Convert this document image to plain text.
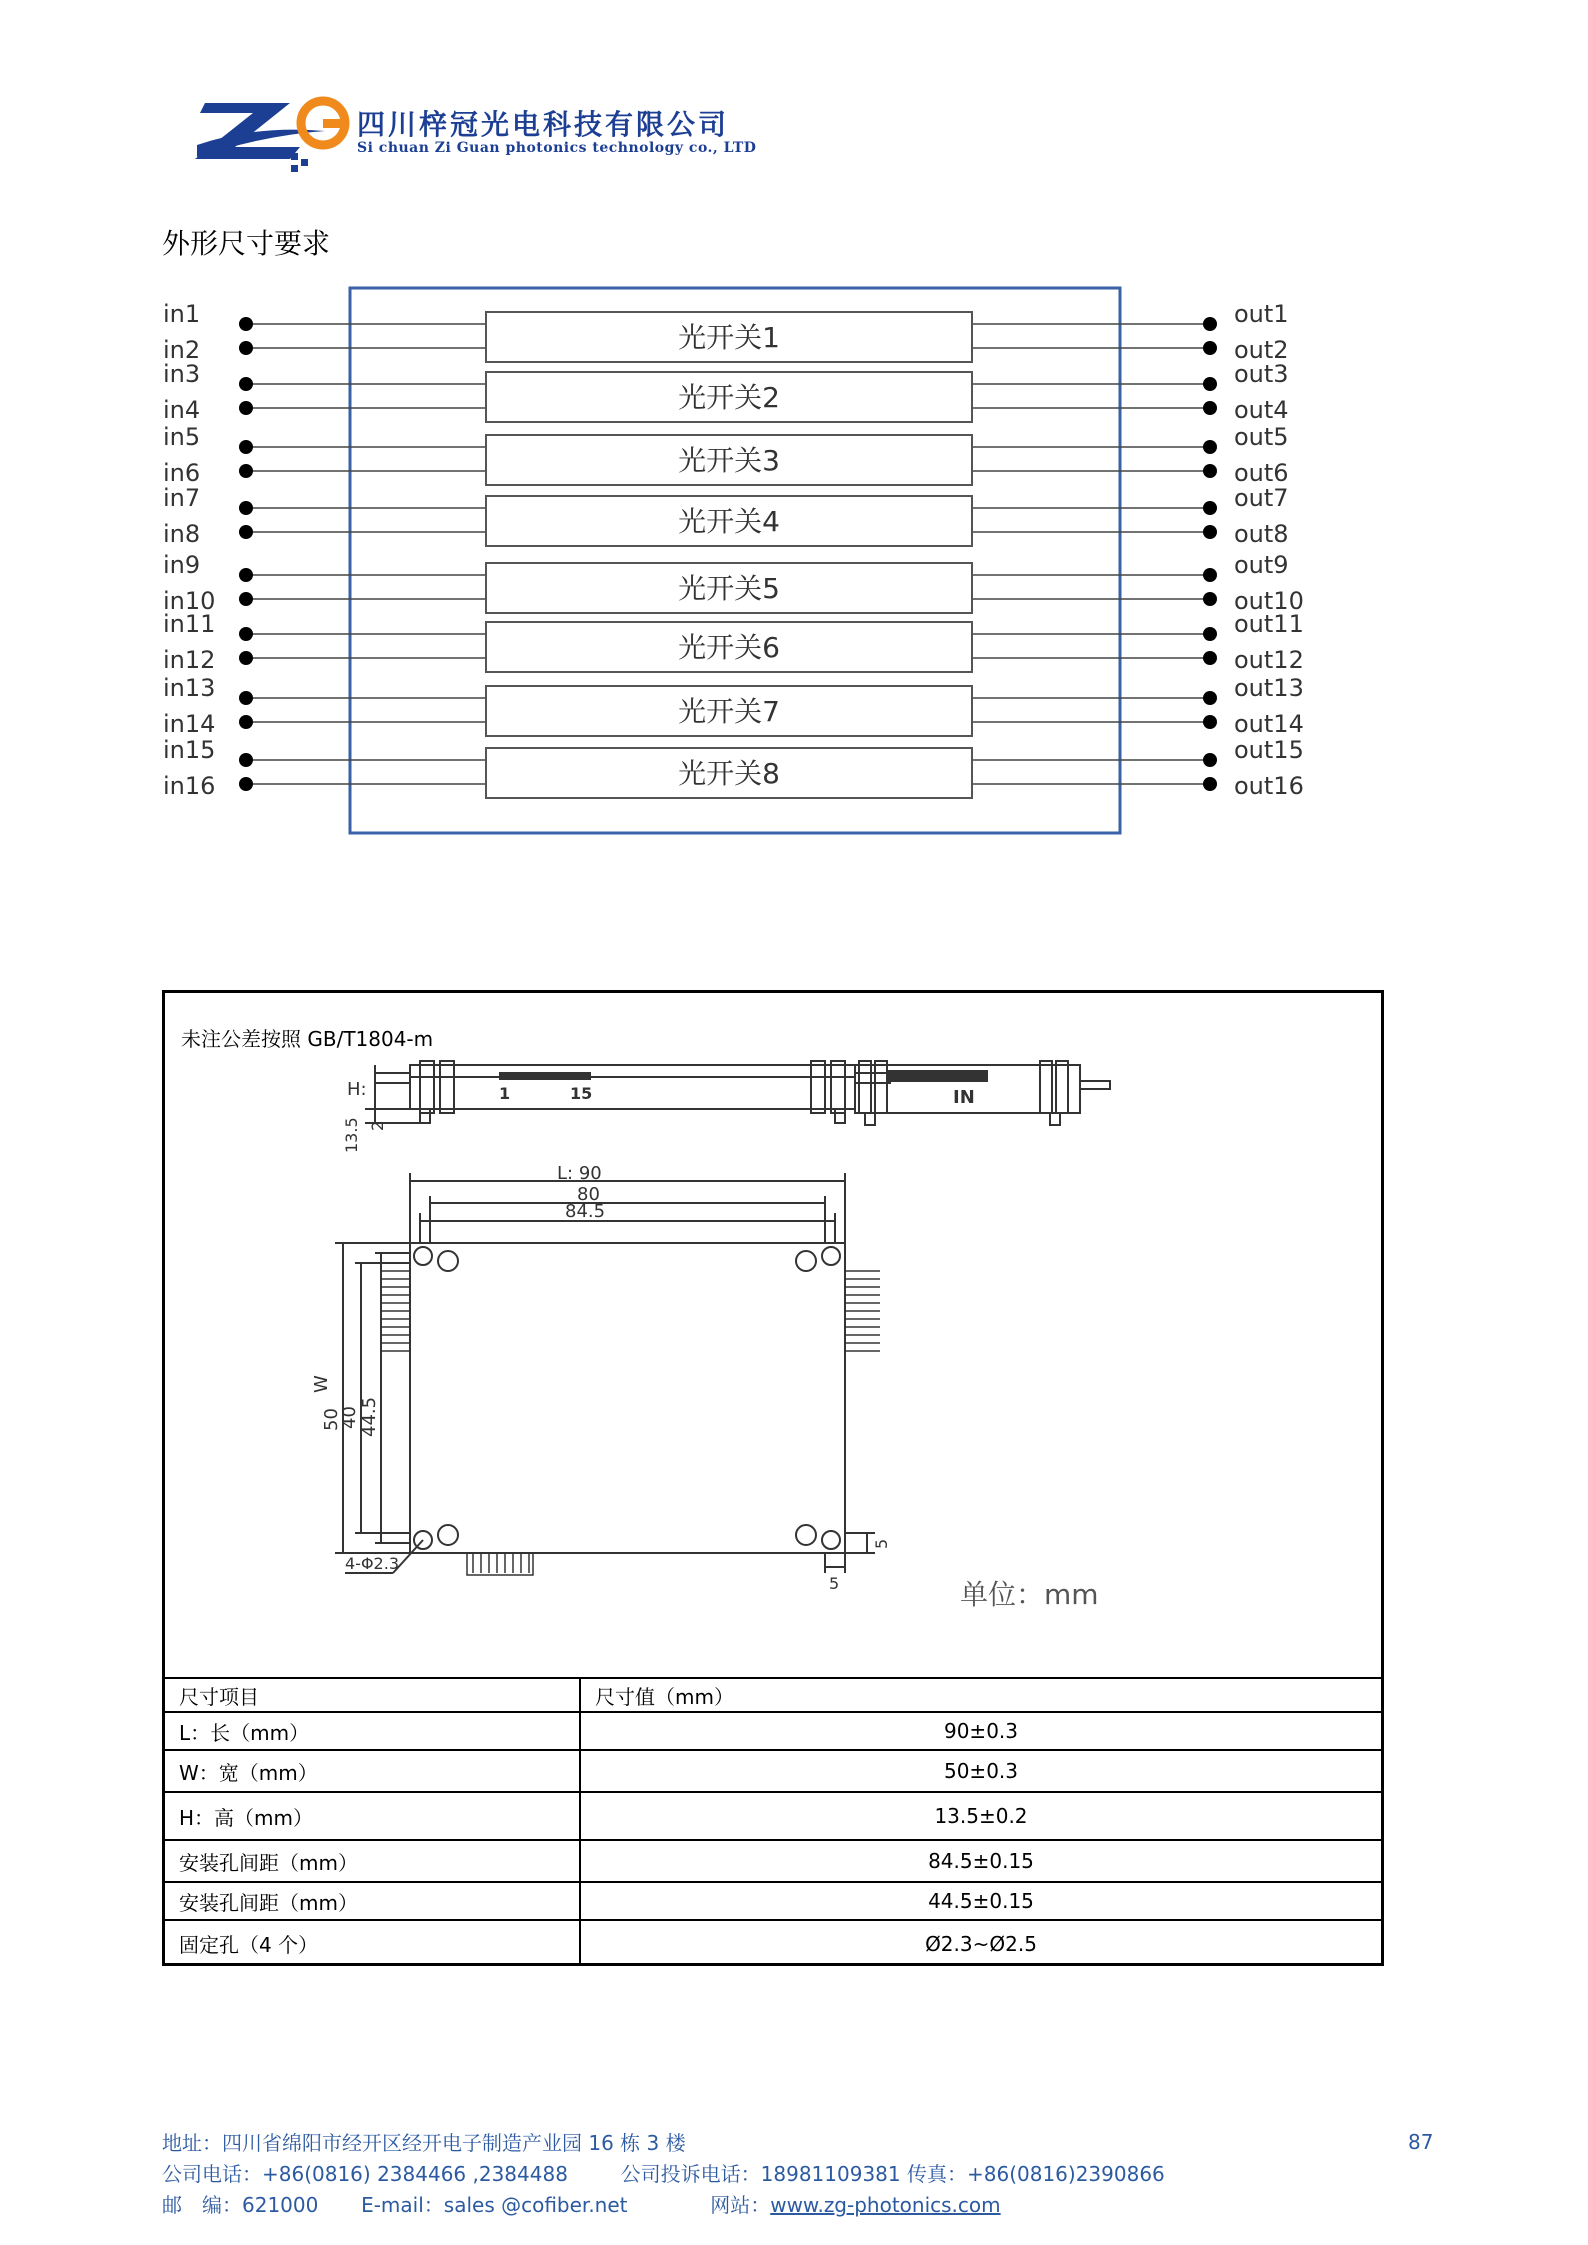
四川梓冠光电科技有限公司
Si chuan Zi Guan photonics technology co., LTD
外形尺寸要求
光开关1
光开关2
光开关3
光开关4
光开关5
光开关6
光开关7
光开关8
in1	out1
in2	out2
in3	out3
in4	out4
in5	out5
in6	out6
in7	out7
in8	out8
in9	out9
in10	out10
in11	out11
in12	out12
in13	out13
in14	out14
in15	out15
in16	out16
未注公差按照 GB/T1804-m
H:
13.5 2
1	15	IN
L: 90
80
84.5
W
50
40 44.5
5
5
4-Φ2.3
单位：mm
尺寸项目	尺寸值（mm）
L：长（mm）	90±0.3
W：宽（mm）	50±0.3
H：高（mm）	13.5±0.2
安装孔间距（mm）	84.5±0.15
安装孔间距（mm）	44.5±0.15
固定孔（4 个）	Ø2.3~Ø2.5
地址：四川省绵阳市经开区经开电子制造产业园 16 栋 3 楼
公司电话：+86(0816) 2384466 ,2384488	公司投诉电话：18981109381 传真：+86(0816)2390866
邮　编：621000 E-mail：sales @cofiber.net	网站：www.zg-photonics.com
87
